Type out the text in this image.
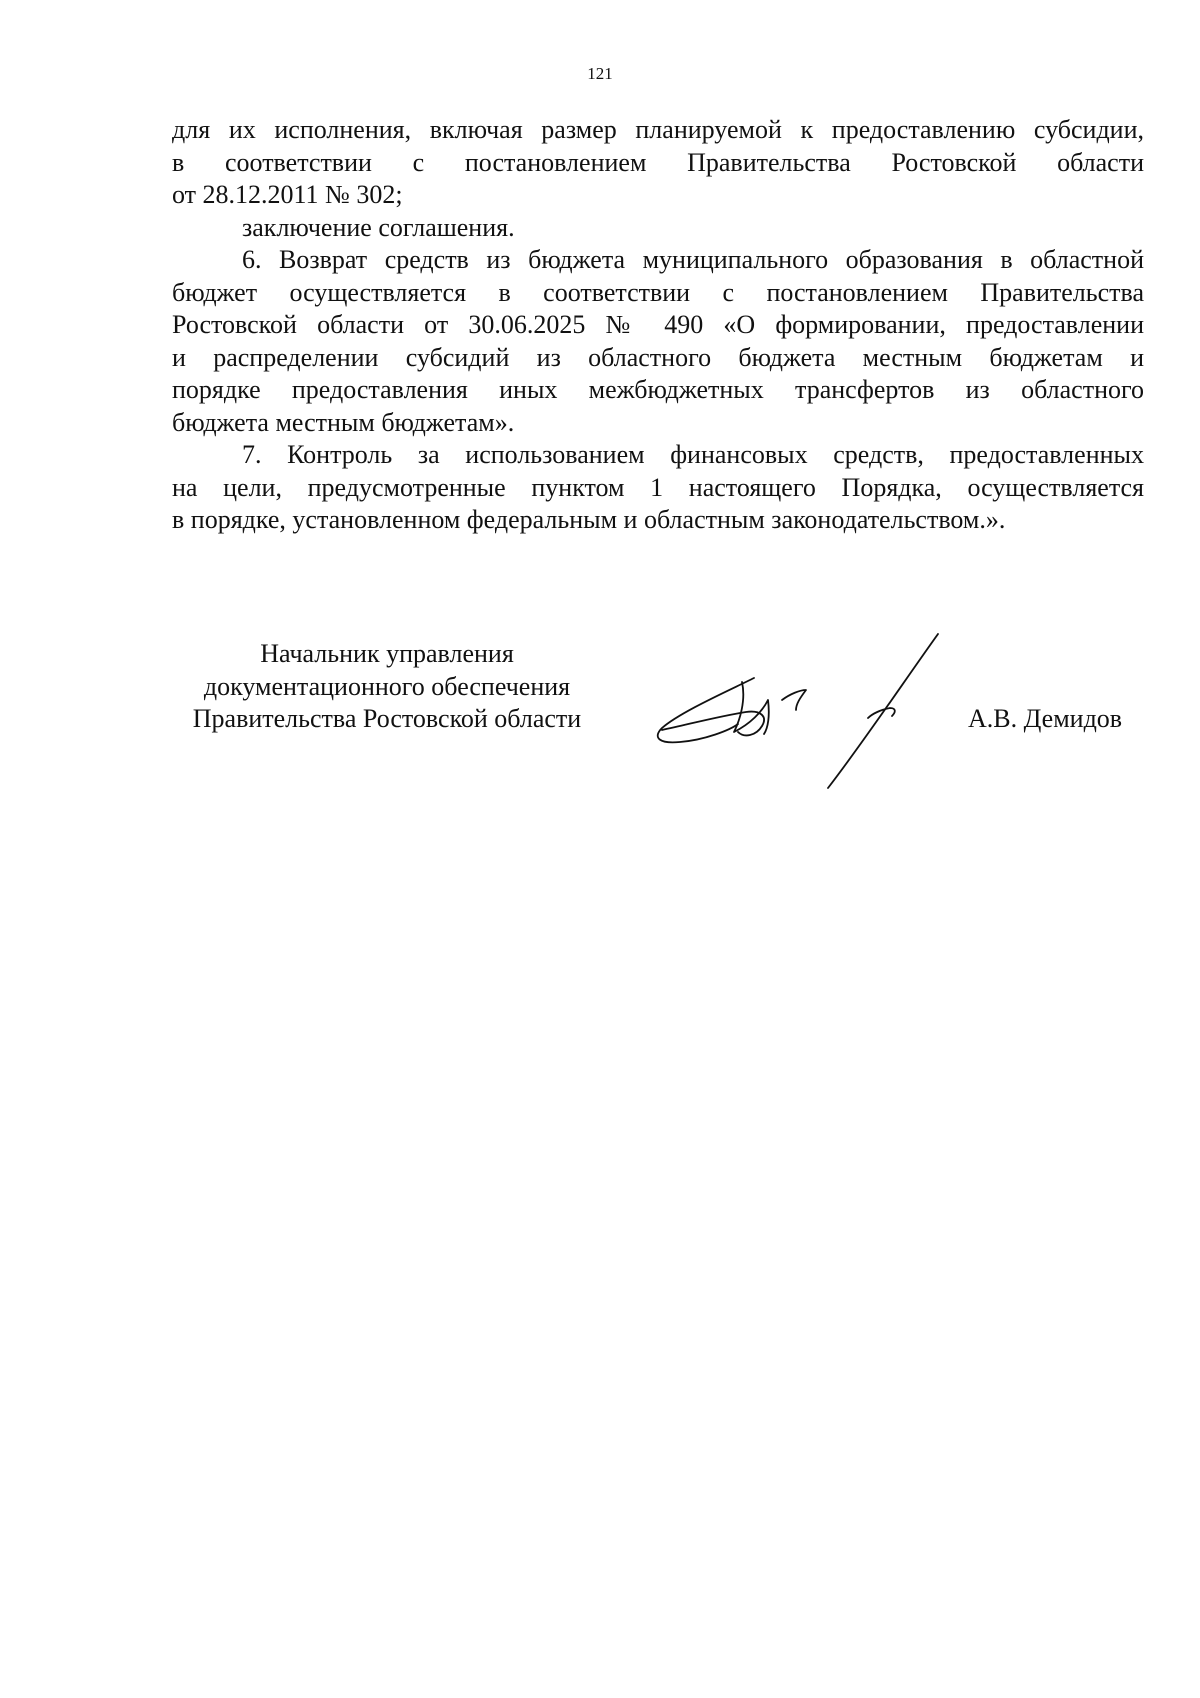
121

для их исполнения, включая размер планируемой к предоставлению субсидии,
в соответствии с постановлением Правительства Ростовской области
от 28.12.2011 № 302;

заключение соглашения.

6. Возврат средств из бюджета муниципального образования в областной
бюджет осуществляется в соответствии с постановлением Правительства
Ростовской области от 30.06.2025 № 490 «О формировании, предоставлении
и распределении субсидий из областного бюджета местным бюджетам и
порядке предоставления иных межбюджетных трансфертов из областного
бюджета местным бюджетам».

7. Контроль за использованием финансовых средств, предоставленных
на цели, предусмотренные пунктом 1 настоящего Порядка, осуществляется
в порядке, установленном федеральным и областным законодательством.».

Начальник управления
документационного обеспечения
Правительства Ростовской области	А.В. Демидов
